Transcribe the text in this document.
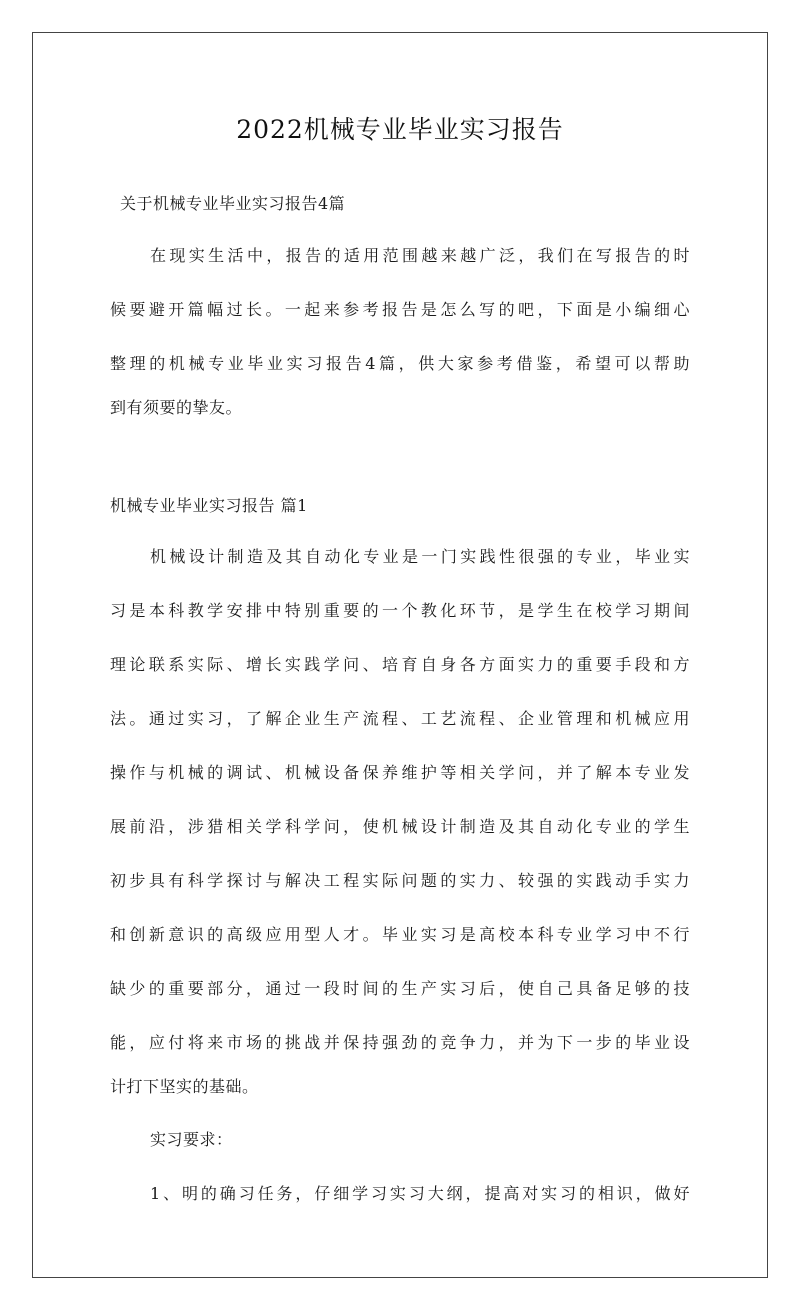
2022机械专业毕业实习报告
关于机械专业毕业实习报告4篇
在现实生活中，报告的适用范围越来越广泛，我们在写报告的时
候要避开篇幅过长。一起来参考报告是怎么写的吧，下面是小编细心
整理的机械专业毕业实习报告4篇，供大家参考借鉴，希望可以帮助
到有须要的挚友。
机械专业毕业实习报告 篇1
机械设计制造及其自动化专业是一门实践性很强的专业，毕业实
习是本科教学安排中特别重要的一个教化环节，是学生在校学习期间
理论联系实际、增长实践学问、培育自身各方面实力的重要手段和方
法。通过实习，了解企业生产流程、工艺流程、企业管理和机械应用
操作与机械的调试、机械设备保养维护等相关学问，并了解本专业发
展前沿，涉猎相关学科学问，使机械设计制造及其自动化专业的学生
初步具有科学探讨与解决工程实际问题的实力、较强的实践动手实力
和创新意识的高级应用型人才。毕业实习是高校本科专业学习中不行
缺少的重要部分，通过一段时间的生产实习后，使自己具备足够的技
能，应付将来市场的挑战并保持强劲的竞争力，并为下一步的毕业设
计打下坚实的基础。
实习要求：
1、明的确习任务，仔细学习实习大纲，提高对实习的相识，做好
